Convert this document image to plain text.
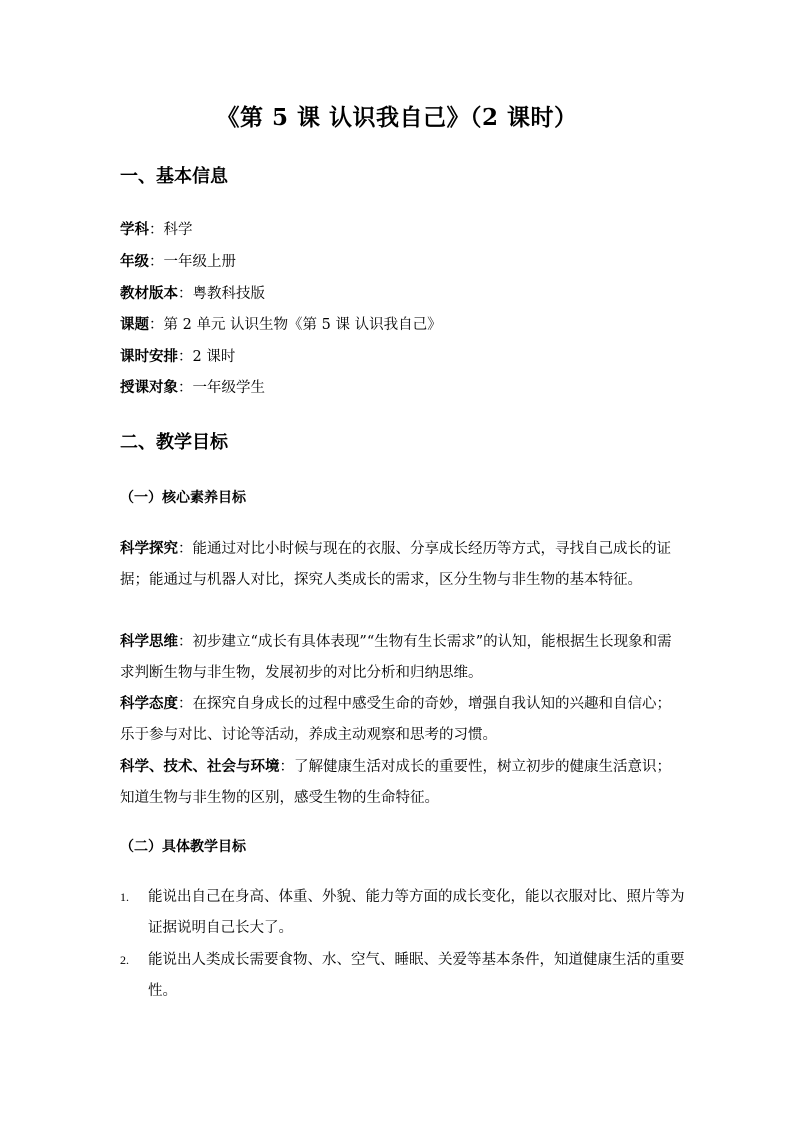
《第 5 课 认识我自己》（2 课时）
一、基本信息
学科：科学
年级：一年级上册
教材版本：粤教科技版
课题：第 2 单元 认识生物《第 5 课 认识我自己》
课时安排：2 课时
授课对象：一年级学生
二、教学目标
（一）核心素养目标
科学探究：能通过对比小时候与现在的衣服、分享成长经历等方式，寻找自己成长的证据；能通过与机器人对比，探究人类成长的需求，区分生物与非生物的基本特征。
科学思维：初步建立“成长有具体表现”“生物有生长需求”的认知，能根据生长现象和需求判断生物与非生物，发展初步的对比分析和归纳思维。
科学态度：在探究自身成长的过程中感受生命的奇妙，增强自我认知的兴趣和自信心；乐于参与对比、讨论等活动，养成主动观察和思考的习惯。
科学、技术、社会与环境：了解健康生活对成长的重要性，树立初步的健康生活意识；知道生物与非生物的区别，感受生物的生命特征。
（二）具体教学目标
1. 能说出自己在身高、体重、外貌、能力等方面的成长变化，能以衣服对比、照片等为证据说明自己长大了。
2. 能说出人类成长需要食物、水、空气、睡眠、关爱等基本条件，知道健康生活的重要性。
